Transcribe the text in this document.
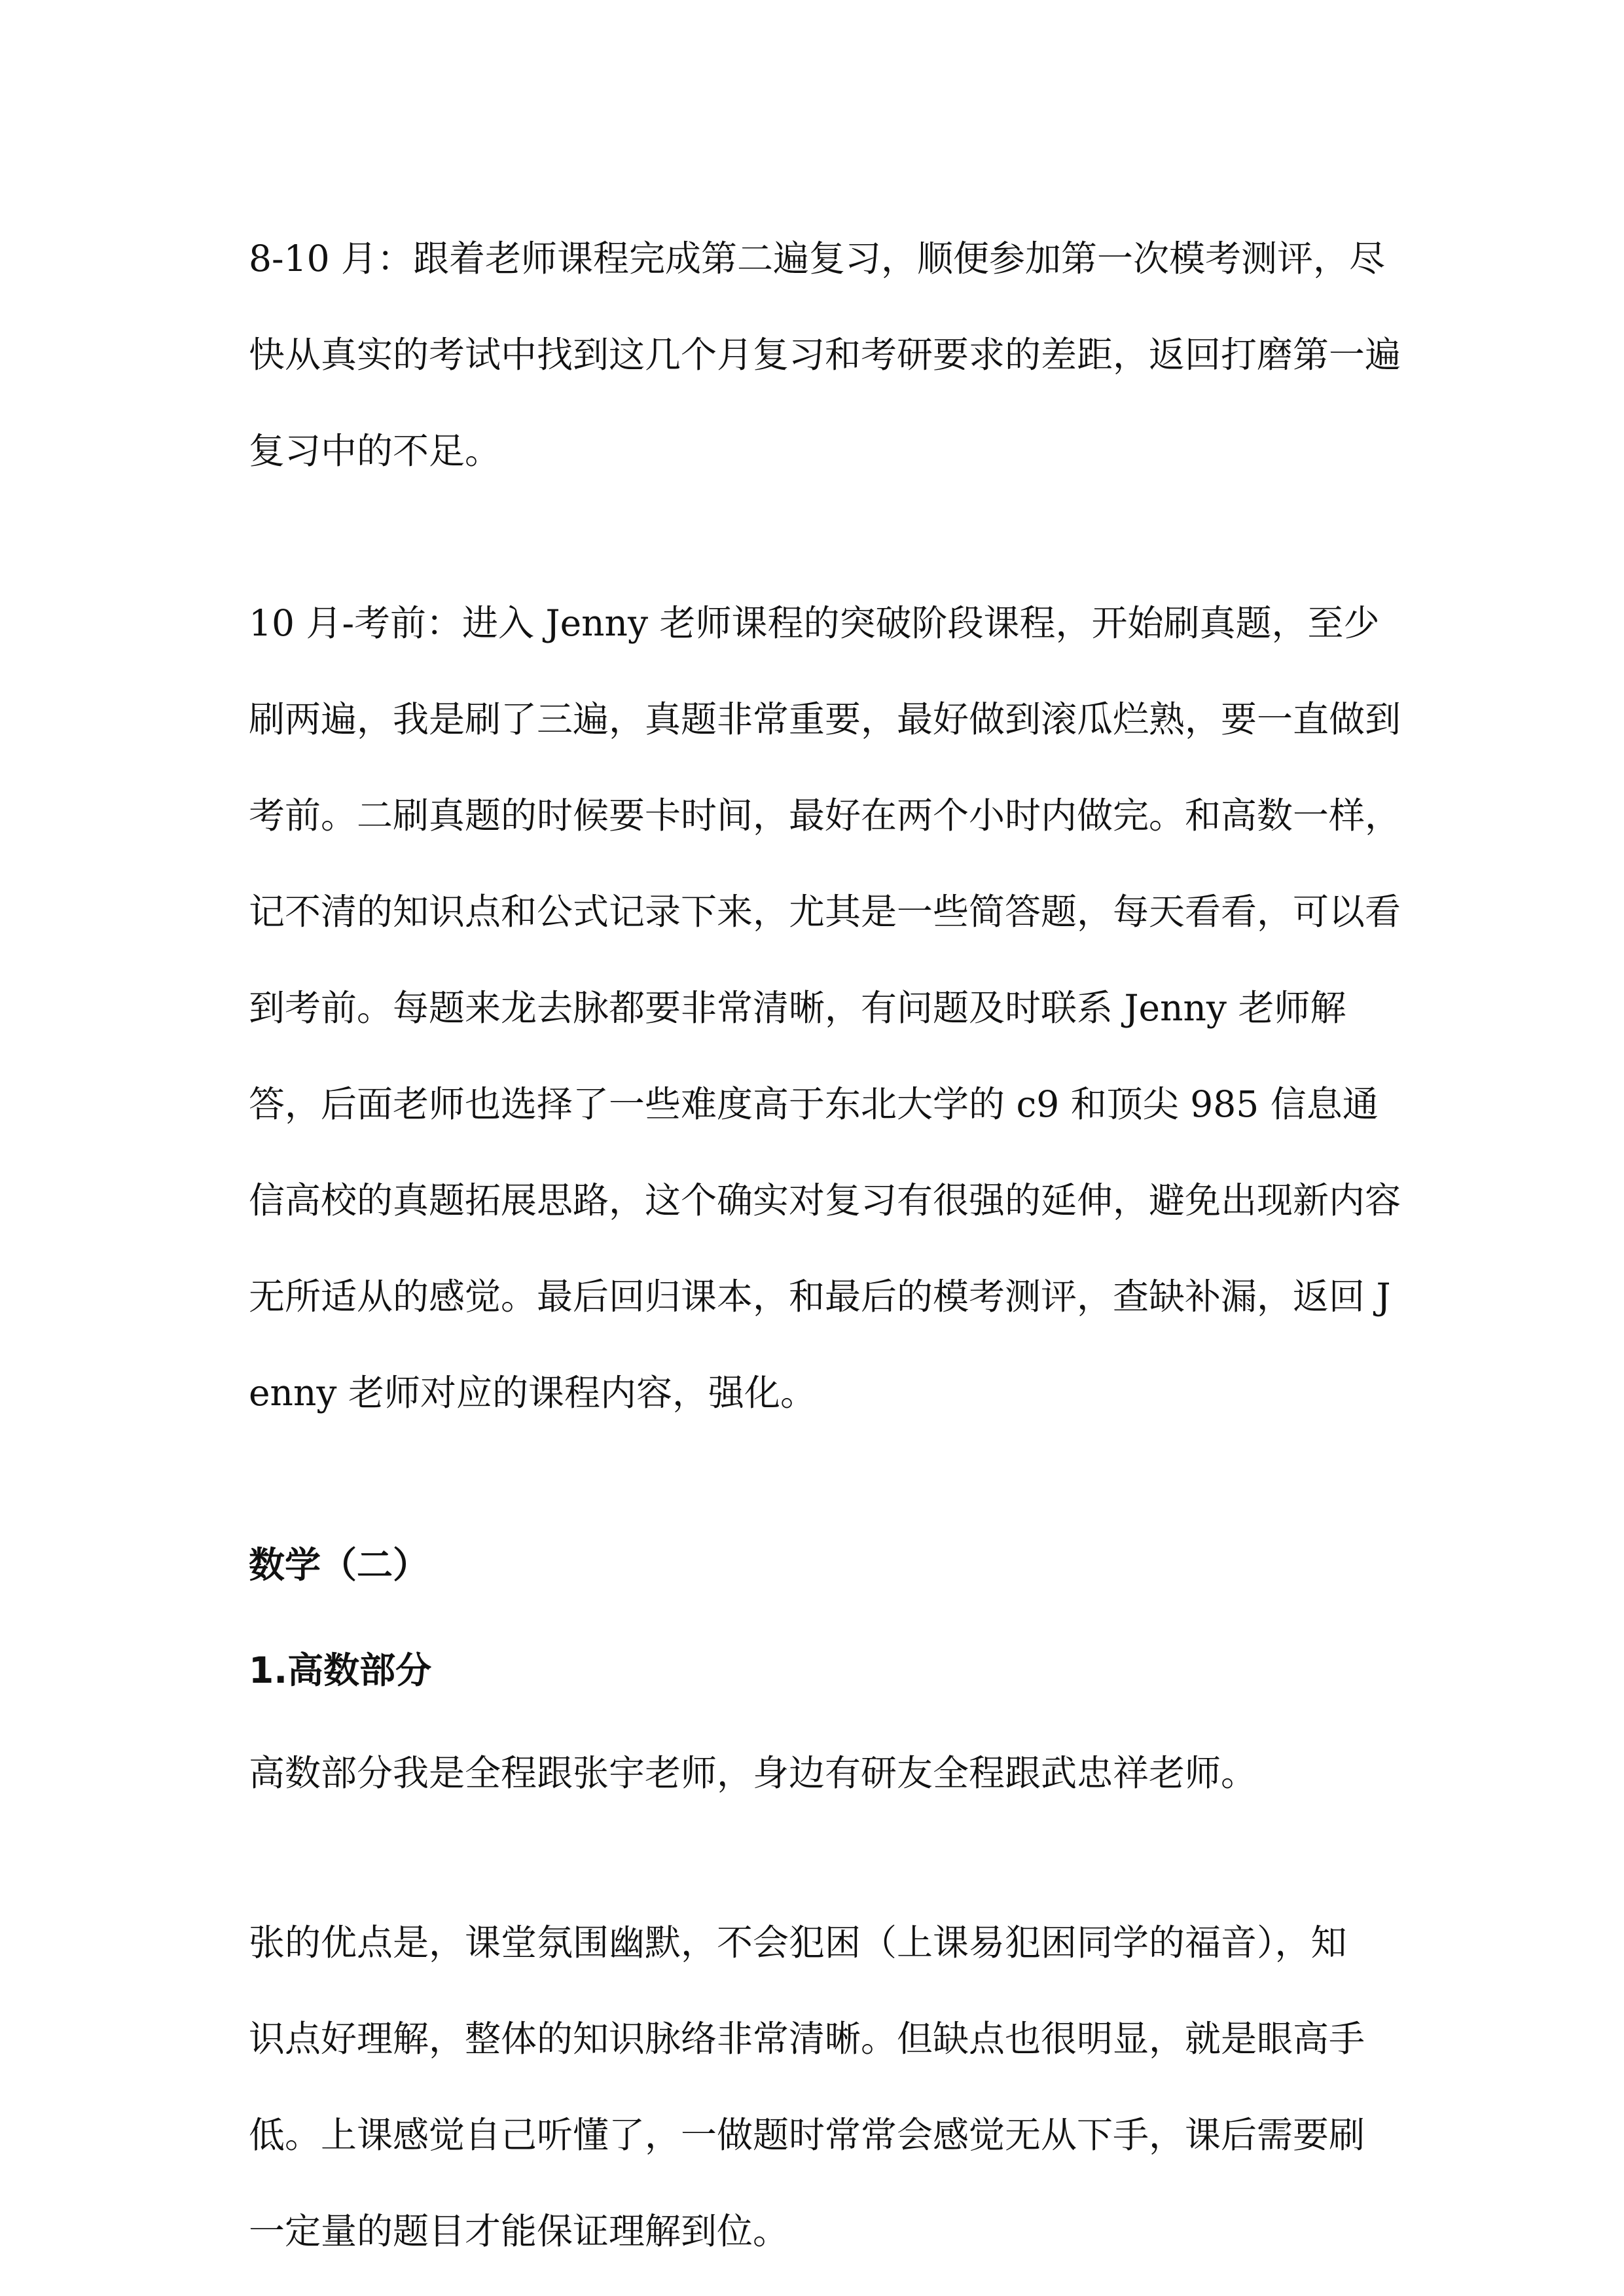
8-10 月：跟着老师课程完成第二遍复习，顺便参加第一次模考测评，尽快从真实的考试中找到这几个月复习和考研要求的差距，返回打磨第一遍复习中的不足。

10 月-考前：进入 Jenny 老师课程的突破阶段课程，开始刷真题，至少刷两遍，我是刷了三遍，真题非常重要，最好做到滚瓜烂熟，要一直做到考前。二刷真题的时候要卡时间，最好在两个小时内做完。和高数一样，记不清的知识点和公式记录下来，尤其是一些简答题，每天看看，可以看到考前。每题来龙去脉都要非常清晰，有问题及时联系 Jenny 老师解答，后面老师也选择了一些难度高于东北大学的 c9 和顶尖 985 信息通信高校的真题拓展思路，这个确实对复习有很强的延伸，避免出现新内容无所适从的感觉。最后回归课本，和最后的模考测评，查缺补漏，返回 Jenny 老师对应的课程内容，强化。

数学（二）
1.高数部分

高数部分我是全程跟张宇老师，身边有研友全程跟武忠祥老师。

张的优点是，课堂氛围幽默，不会犯困（上课易犯困同学的福音），知识点好理解，整体的知识脉络非常清晰。但缺点也很明显，就是眼高手低。上课感觉自己听懂了，一做题时常常会感觉无从下手，课后需要刷一定量的题目才能保证理解到位。
